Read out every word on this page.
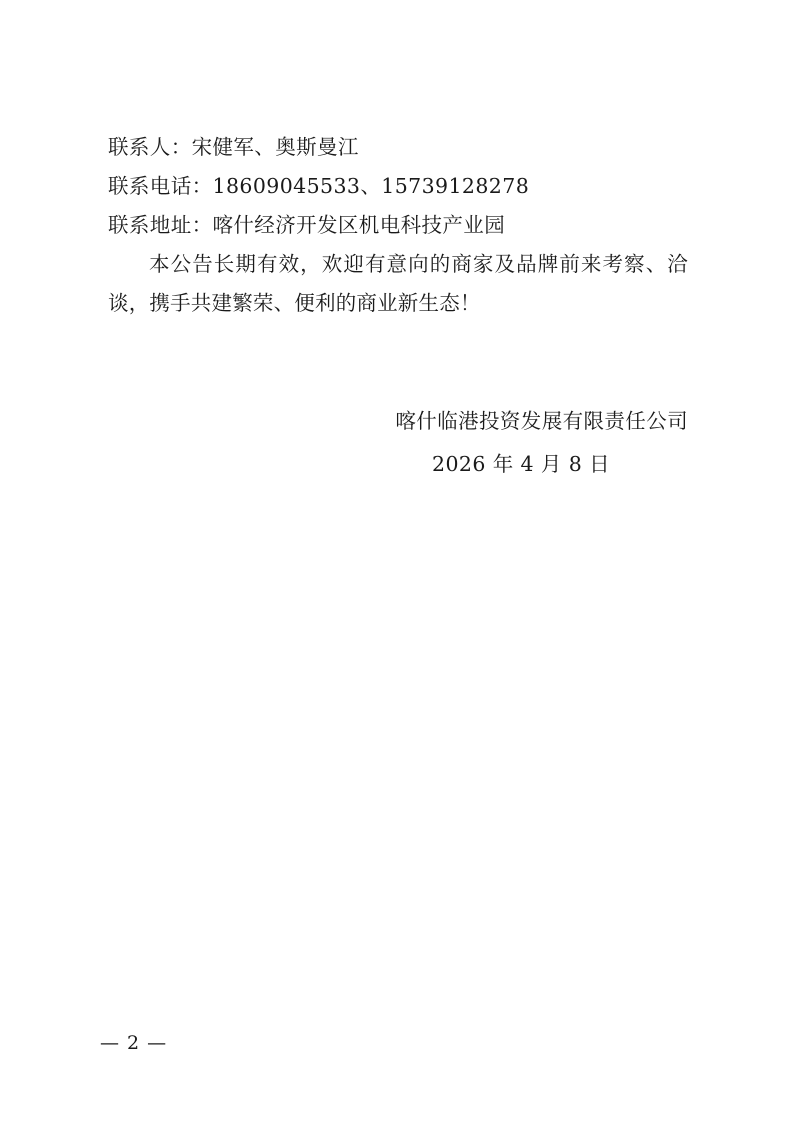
联系人：宋健军、奥斯曼江
联系电话：18609045533、15739128278
联系地址：喀什经济开发区机电科技产业园
本公告长期有效，欢迎有意向的商家及品牌前来考察、洽谈，携手共建繁荣、便利的商业新生态！
喀什临港投资发展有限责任公司
2026 年 4 月 8 日
— 2 —
